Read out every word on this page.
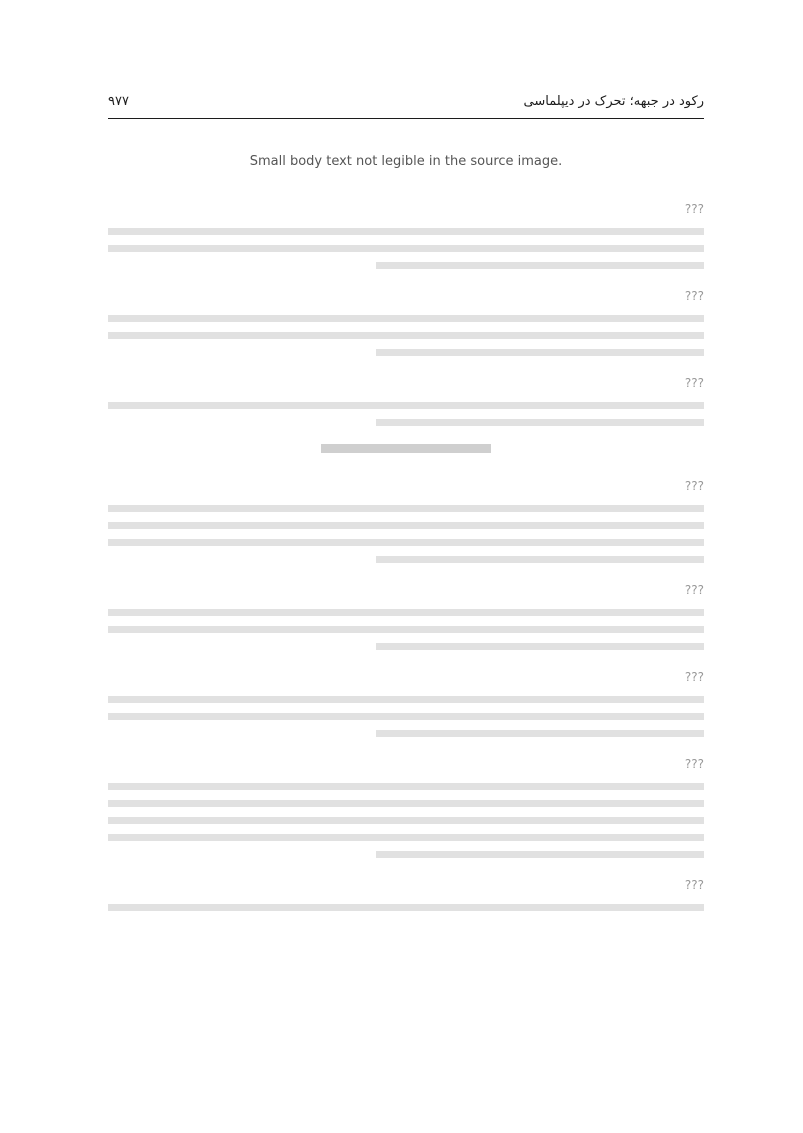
رکود در جبهه؛ تحرک در دیپلماسی
۹۷۷
Small body text not legible in the source image.
???
???
???
???
???
???
???
???
